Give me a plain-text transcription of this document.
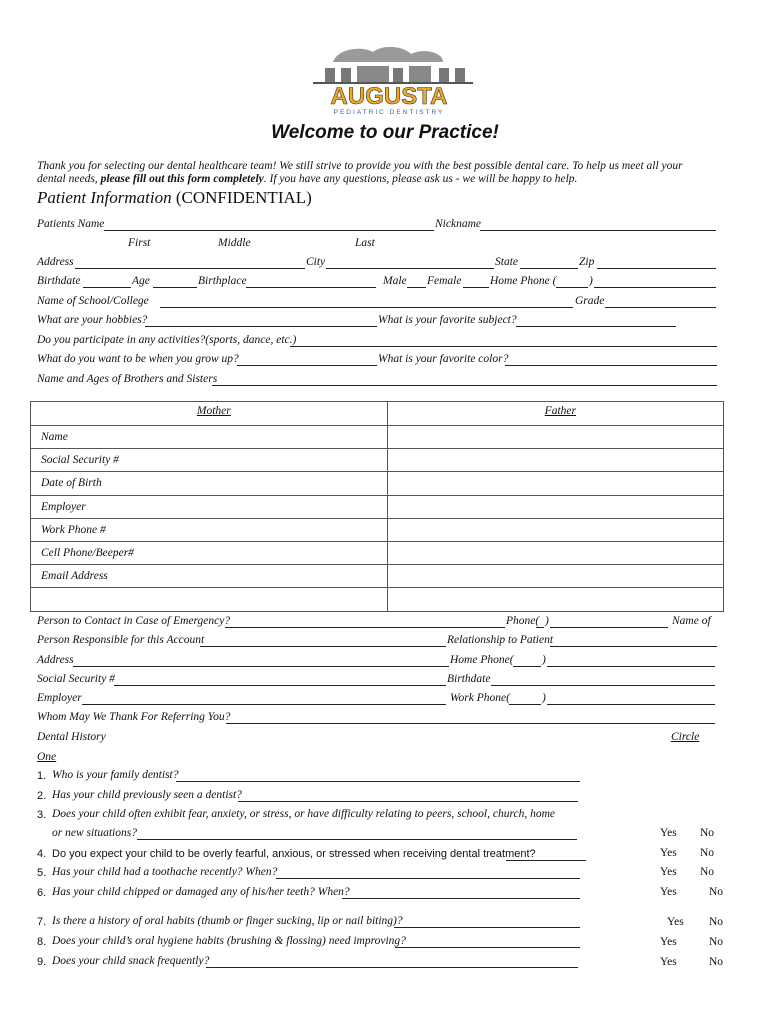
AUGUSTA
PEDIATRIC DENTISTRY
Welcome to our Practice!
Thank you for selecting our dental healthcare team! We still strive to provide you with the best possible dental care. To help us meet all your
dental needs, please fill out this form completely. If you have any questions, please ask us - we will be happy to help.
Patient Information (CONFIDENTIAL)
Patients Name	Nickname
First	Middle	Last
Address	City	State	Zip
Birthdate	Age	Birthplace	Male Female Home Phone (	)
Name of School/College	Grade
What are your hobbies?	What is your favorite subject?
Do you participate in any activities?(sports, dance, etc.)
What do you want to be when you grow up?	What is your favorite color?
Name and Ages of Brothers and Sisters
Mother	Father
Name	
Social Security #	
Date of Birth	
Employer	
Work Phone #	
Cell Phone/Beeper#	
Email Address	

Person to Contact in Case of Emergency?	Phone( )	Name of
Person Responsible for this Account	Relationship to Patient
Address	Home Phone( )
Social Security #	Birthdate
Employer	Work Phone(	)
Whom May We Thank For Referring You?
Dental History	Circle
One
1. Who is your family dentist?
2. Has your child previously seen a dentist?
3. Does your child often exhibit fear, anxiety, or stress, or have difficulty relating to peers, school, church, home
or new situations?	Yes No
4. Do you expect your child to be overly fearful, anxious, or stressed when receiving dental treatment?	Yes No
5. Has your child had a toothache recently? When?	Yes No
6. Has your child chipped or damaged any of his/her teeth? When?	Yes	No
7. Is there a history of oral habits (thumb or finger sucking, lip or nail biting)?	Yes No
8. Does your child’s oral hygiene habits (brushing & flossing) need improving?	Yes	No
9. Does your child snack frequently?	Yes	No
